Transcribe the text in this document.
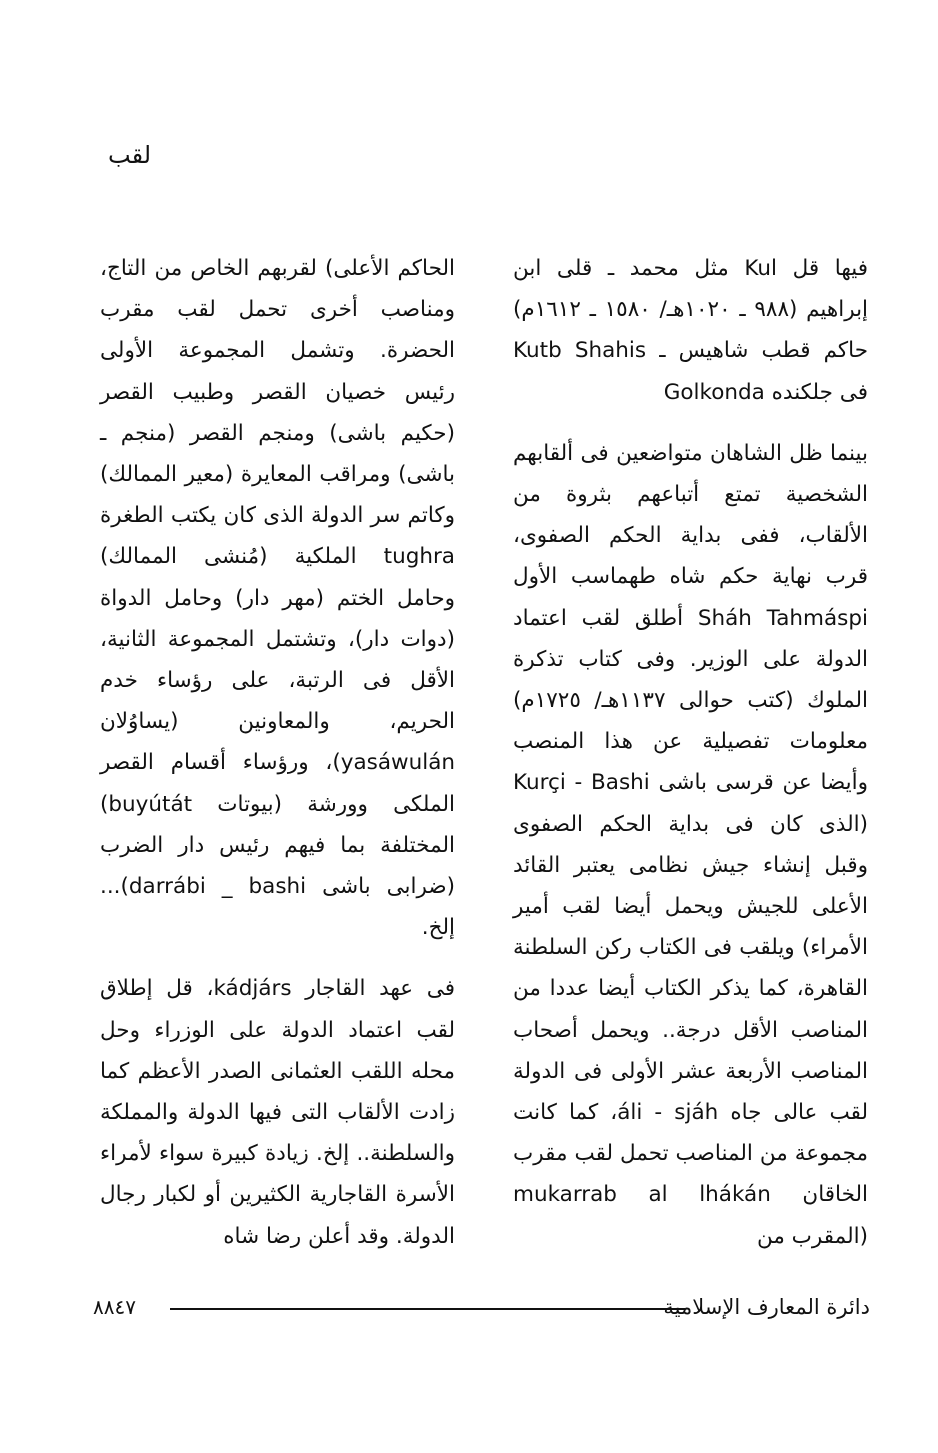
لقب

فيها قل Kul مثل محمد ـ قلى ابن إبراهيم (٩٨٨ ـ ١٠٢٠هـ/ ١٥٨٠ ـ ١٦١٢م) حاكم قطب شاهيس ـ Kutb Shahis فى جلكنده Golkonda

بينما ظل الشاهان متواضعين فى ألقابهم الشخصية تمتع أتباعهم بثروة من الألقاب، ففى بداية الحكم الصفوى، قرب نهاية حكم شاه طهماسب الأول Sháh Tahmáspi أطلق لقب اعتماد الدولة على الوزير. وفى كتاب تذكرة الملوك (كتب حوالى ١١٣٧هـ/ ١٧٢٥م) معلومات تفصيلية عن هذا المنصب وأيضا عن قرسى باشى Kurçi - Bashi (الذى كان فى بداية الحكم الصفوى وقبل إنشاء جيش نظامى يعتبر القائد الأعلى للجيش ويحمل أيضا لقب أمير الأمراء) ويلقب فى الكتاب ركن السلطنة القاهرة، كما يذكر الكتاب أيضا عددا من المناصب الأقل درجة.. ويحمل أصحاب المناصب الأربعة عشر الأولى فى الدولة لقب عالى جاه áli - sjáh، كما كانت مجموعة من المناصب تحمل لقب مقرب الخاقان mukarrab al lhákán (المقرب من

الحاكم الأعلى) لقربهم الخاص من التاج، ومناصب أخرى تحمل لقب مقرب الحضرة. وتشمل المجموعة الأولى رئيس خصيان القصر وطبيب القصر (حكيم باشى) ومنجم القصر (منجم ـ باشى) ومراقب المعايرة (معير الممالك) وكاتم سر الدولة الذى كان يكتب الطغرة tughra الملكية (مُنشى الممالك) وحامل الختم (مهر دار) وحامل الدواة (دوات دار)، وتشتمل المجموعة الثانية، الأقل فى الرتبة، على رؤساء خدم الحريم، والمعاونين (يساوُلان yasáwulán)، ورؤساء أقسام القصر الملكى وورشة (بيوتات buyútát) المختلفة بما فيهم رئيس دار الضرب (ضرابى باشى darrábi _ bashi)... إلخ.

فى عهد القاجار kádjárs، قل إطلاق لقب اعتماد الدولة على الوزراء وحل محله اللقب العثمانى الصدر الأعظم كما زادت الألقاب التى فيها الدولة والمملكة والسلطنة.. إلخ. زيادة كبيرة سواء لأمراء الأسرة القاجارية الكثيرين أو لكبار رجال الدولة. وقد أعلن رضا شاه

دائرة المعارف الإسلامية
٨٨٤٧
